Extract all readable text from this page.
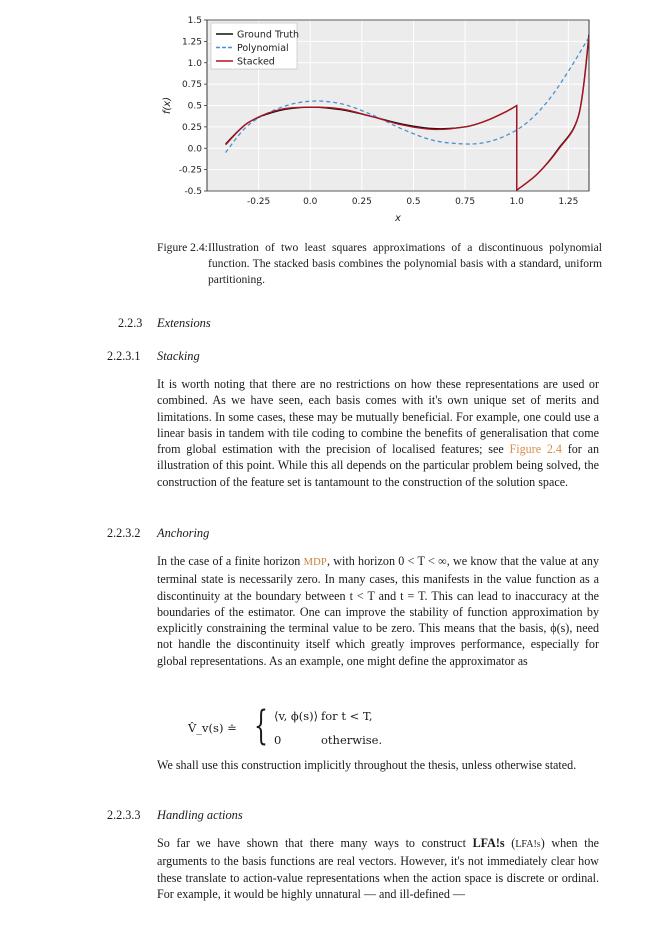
-0.25	0.0	0.25	0.5	0.75	1.0	1.25
1.5
1.25
1.0
0.75
0.5
0.25
0.0
-0.25
-0.5
x
f(x)
Ground Truth
Polynomial
Stacked
Figure 2.4: Illustration of two least squares approximations of a discontinuous polynomial function. The stacked basis combines the polynomial basis with a standard, uniform partitioning.
2.2.3 Extensions
2.2.3.1 Stacking
It is worth noting that there are no restrictions on how these representations are used or combined. As we have seen, each basis comes with it's own unique set of merits and limitations. In some cases, these may be mutually beneficial. For example, one could use a linear basis in tandem with tile coding to combine the benefits of generalisation that come from global estimation with the precision of localised features; see Figure 2.4 for an illustration of this point. While this all depends on the particular problem being solved, the construction of the feature set is tantamount to the construction of the solution space.
2.2.3.2 Anchoring
In the case of a finite horizon MDP, with horizon 0 < T < ∞, we know that the value at any terminal state is necessarily zero. In many cases, this manifests in the value function as a discontinuity at the boundary between t < T and t = T. This can lead to inaccuracy at the boundaries of the estimator. One can improve the stability of function approximation by explicitly constraining the terminal value to be zero. This means that the basis, ϕ(s), need not handle the discontinuity itself which greatly improves performance, especially for global representations. As an example, one might define the approximator as
V̂_v(s) ≐ { ⟨v, ϕ(s)⟩ for t < T,
0	otherwise.
We shall use this construction implicitly throughout the thesis, unless otherwise stated.
2.2.3.3 Handling actions
So far we have shown that there many ways to construct LFA!s (LFA!s) when the arguments to the basis functions are real vectors. However, it's not immediately clear how these translate to action-value representations when the action space is discrete or ordinal. For example, it would be highly unnatural — and ill-defined —
